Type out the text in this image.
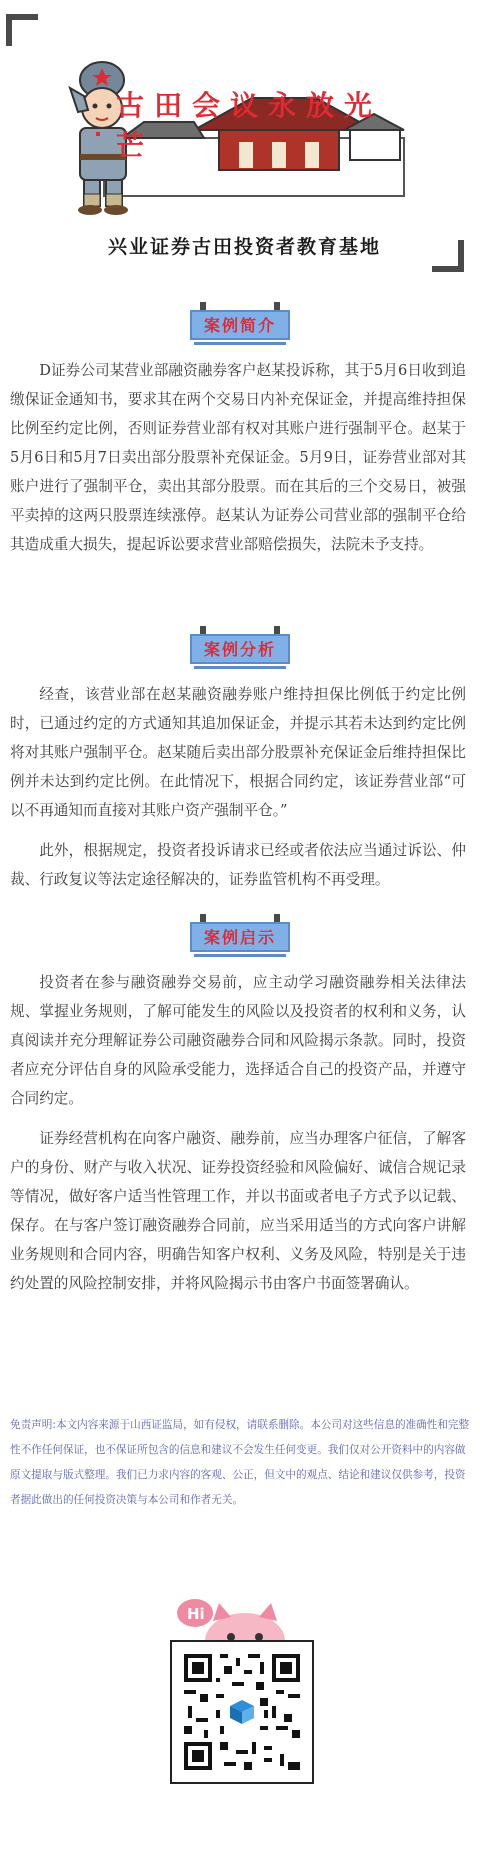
古田会议永放光芒
兴业证券古田投资者教育基地
案例简介

D证券公司某营业部融资融券客户赵某投诉称，其于5月6日收到追缴保证金通知书，要求其在两个交易日内补充保证金，并提高维持担保比例至约定比例，否则证券营业部有权对其账户进行强制平仓。赵某于5月6日和5月7日卖出部分股票补充保证金。5月9日，证券营业部对其账户进行了强制平仓，卖出其部分股票。而在其后的三个交易日，被强平卖掉的这两只股票连续涨停。赵某认为证券公司营业部的强制平仓给其造成重大损失，提起诉讼要求营业部赔偿损失，法院未予支持。

案例分析

经查，该营业部在赵某融资融券账户维持担保比例低于约定比例时，已通过约定的方式通知其追加保证金，并提示其若未达到约定比例将对其账户强制平仓。赵某随后卖出部分股票补充保证金后维持担保比例并未达到约定比例。在此情况下，根据合同约定，该证券营业部“可以不再通知而直接对其账户资产强制平仓。”

此外，根据规定，投资者投诉请求已经或者依法应当通过诉讼、仲裁、行政复议等法定途径解决的，证券监管机构不再受理。

案例启示

投资者在参与融资融券交易前，应主动学习融资融券相关法律法规、掌握业务规则，了解可能发生的风险以及投资者的权利和义务，认真阅读并充分理解证券公司融资融券合同和风险揭示条款。同时，投资者应充分评估自身的风险承受能力，选择适合自己的投资产品，并遵守合同约定。

证券经营机构在向客户融资、融券前，应当办理客户征信，了解客户的身份、财产与收入状况、证券投资经验和风险偏好、诚信合规记录等情况，做好客户适当性管理工作，并以书面或者电子方式予以记载、保存。在与客户签订融资融券合同前，应当采用适当的方式向客户讲解业务规则和合同内容，明确告知客户权利、义务及风险，特别是关于违约处置的风险控制安排，并将风险揭示书由客户书面签署确认。

免责声明:本文内容来源于山西证监局，如有侵权，请联系删除。本公司对这些信息的准确性和完整性不作任何保证，也不保证所包含的信息和建议不会发生任何变更。我们仅对公开资料中的内容做原文提取与版式整理。我们已力求内容的客观、公正，但文中的观点、结论和建议仅供参考，投资者据此做出的任何投资决策与本公司和作者无关。

Hi
